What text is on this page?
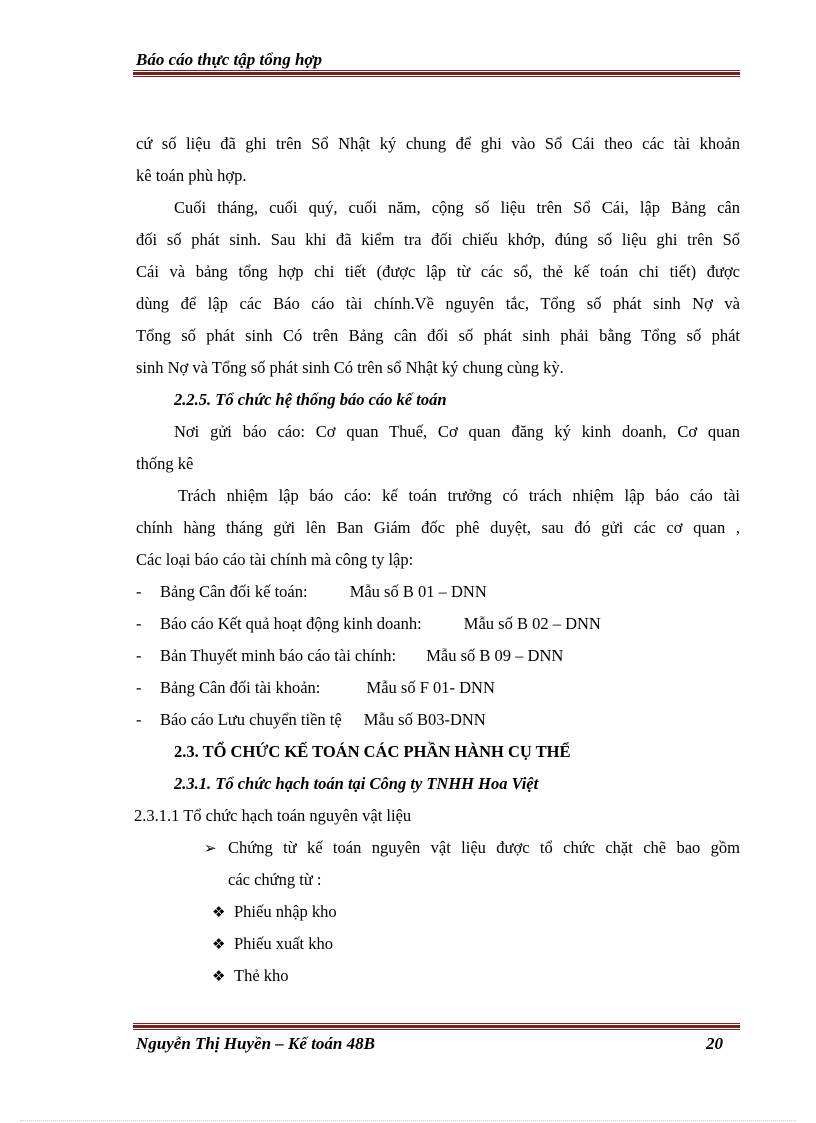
Báo cáo thực tập tổng hợp
cứ số liệu đã ghi trên Sổ Nhật ký chung để ghi vào Sổ Cái theo các tài khoản
kê toán phù hợp.
Cuối tháng, cuối quý, cuối năm, cộng số liệu trên Sổ Cái, lập Bảng cân
đối số phát sinh. Sau khi đã kiểm tra đối chiếu khớp, đúng số liệu ghi trên Sổ
Cái và bảng tổng hợp chi tiết (được lập từ các sổ, thẻ kế toán chi tiết) được
dùng để lập các Báo cáo tài chính.Về nguyên tắc, Tổng số phát sinh Nợ và
Tổng số phát sinh Có trên Bảng cân đối số phát sinh phải bằng Tổng số phát
sinh Nợ và Tổng số phát sinh Có trên sổ Nhật ký chung cùng kỳ.
2.2.5. Tổ chức hệ thống báo cáo kế toán
Nơi gửi báo cáo: Cơ quan Thuế, Cơ quan đăng ký kinh doanh, Cơ quan
thống kê
Trách nhiệm lập báo cáo: kế toán trưởng có trách nhiệm lập báo cáo tài
chính hàng tháng gửi lên Ban Giám đốc phê duyệt, sau đó gửi các cơ quan ,
Các loại báo cáo tài chính mà công ty lập:
- Bảng Cân đối kế toán:	Mẫu số B 01 – DNN
- Báo cáo Kết quả hoạt động kinh doanh:	Mẫu số B 02 – DNN
- Bản Thuyết minh báo cáo tài chính: Mẫu số B 09 – DNN
- Bảng Cân đối tài khoản:	Mẫu số F 01- DNN
- Báo cáo Lưu chuyển tiền tệ Mẫu số B03-DNN
2.3. TỔ CHỨC KẾ TOÁN CÁC PHẦN HÀNH CỤ THỂ
2.3.1. Tổ chức hạch toán tại Công ty TNHH Hoa Việt
2.3.1.1 Tổ chức hạch toán nguyên vật liệu
➢ Chứng từ kế toán nguyên vật liệu được tổ chức chặt chẽ bao gồm
các chứng từ :
❖ Phiếu nhập kho
❖ Phiếu xuất kho
❖ Thẻ kho
Nguyễn Thị Huyền – Kế toán 48B	20
